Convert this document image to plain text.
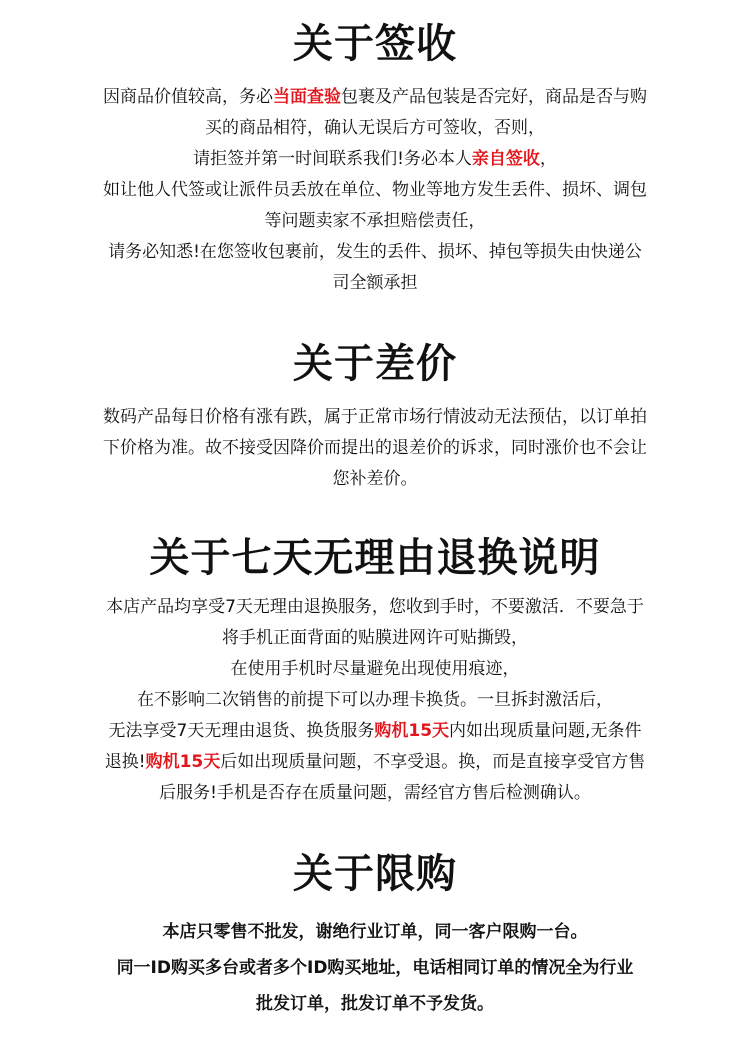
关于签收

因商品价值较高，务必当面查验包裹及产品包装是否完好，商品是否与购

买的商品相符，确认无误后方可签收，否则，

请拒签并第一时间联系我们!务必本人亲自签收，

如让他人代签或让派件员丢放在单位、物业等地方发生丢件、损坏、调包

等问题卖家不承担赔偿责任，

请务必知悉!在您签收包裹前，发生的丢件、损坏、掉包等损失由快递公

司全额承担

关于差价

数码产品每日价格有涨有跌，属于正常市场行情波动无法预估，以订单拍

下价格为准。故不接受因降价而提出的退差价的诉求，同时涨价也不会让

您补差价。

关于七天无理由退换说明

本店产品均享受7天无理由退换服务，您收到手时，不要激活．不要急于

将手机正面背面的贴膜进网许可贴撕毁，

在使用手机时尽量避免出现使用痕迹，

在不影响二次销售的前提下可以办理卡换货。一旦拆封激活后，

无法享受7天无理由退货、换货服务购机15天内如出现质量问题,无条件

退换!购机15天后如出现质量问题，不享受退。换，而是直接享受官方售

后服务!手机是否存在质量问题，需经官方售后检测确认。

关于限购

本店只零售不批发，谢绝行业订单，同一客户限购一台。

同一ID购买多台或者多个ID购买地址，电话相同订单的情况全为行业

批发订单，批发订单不予发货。
